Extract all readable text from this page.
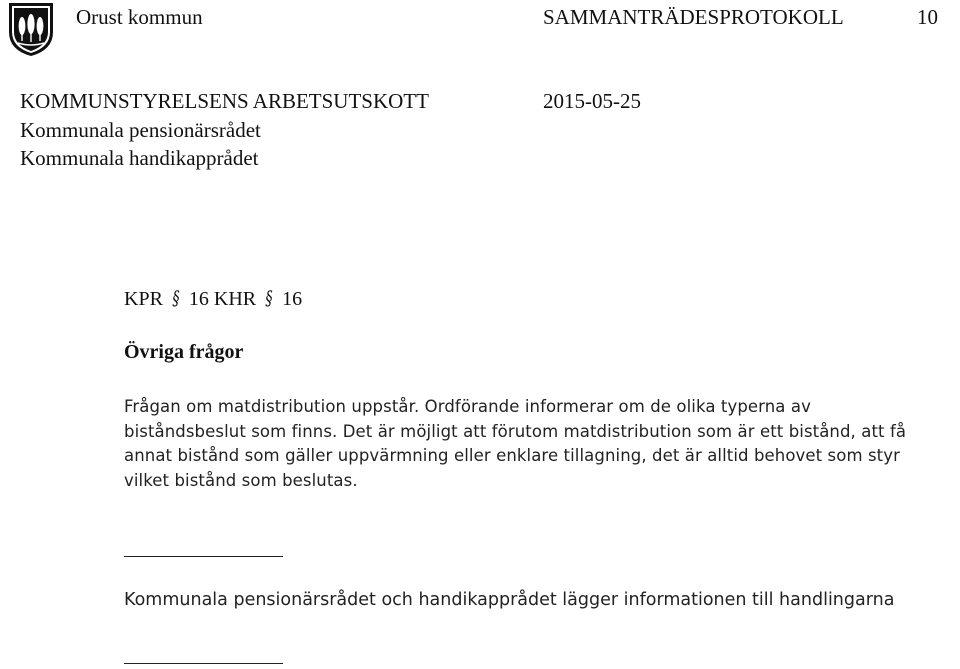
Orust kommun	SAMMANTRÄDESPROTOKOLL	10
KOMMUNSTYRELSENS ARBETSUTSKOTT	2015-05-25
Kommunala pensionärsrådet
Kommunala handikapprådet
KPR § 16 KHR § 16
Övriga frågor
Frågan om matdistribution uppstår. Ordförande informerar om de olika typerna av biståndsbeslut som finns. Det är möjligt att förutom matdistribution som är ett bistånd, att få annat bistånd som gäller uppvärmning eller enklare tillagning, det är alltid behovet som styr vilket bistånd som beslutas.
Kommunala pensionärsrådet och handikapprådet lägger informationen till handlingarna
